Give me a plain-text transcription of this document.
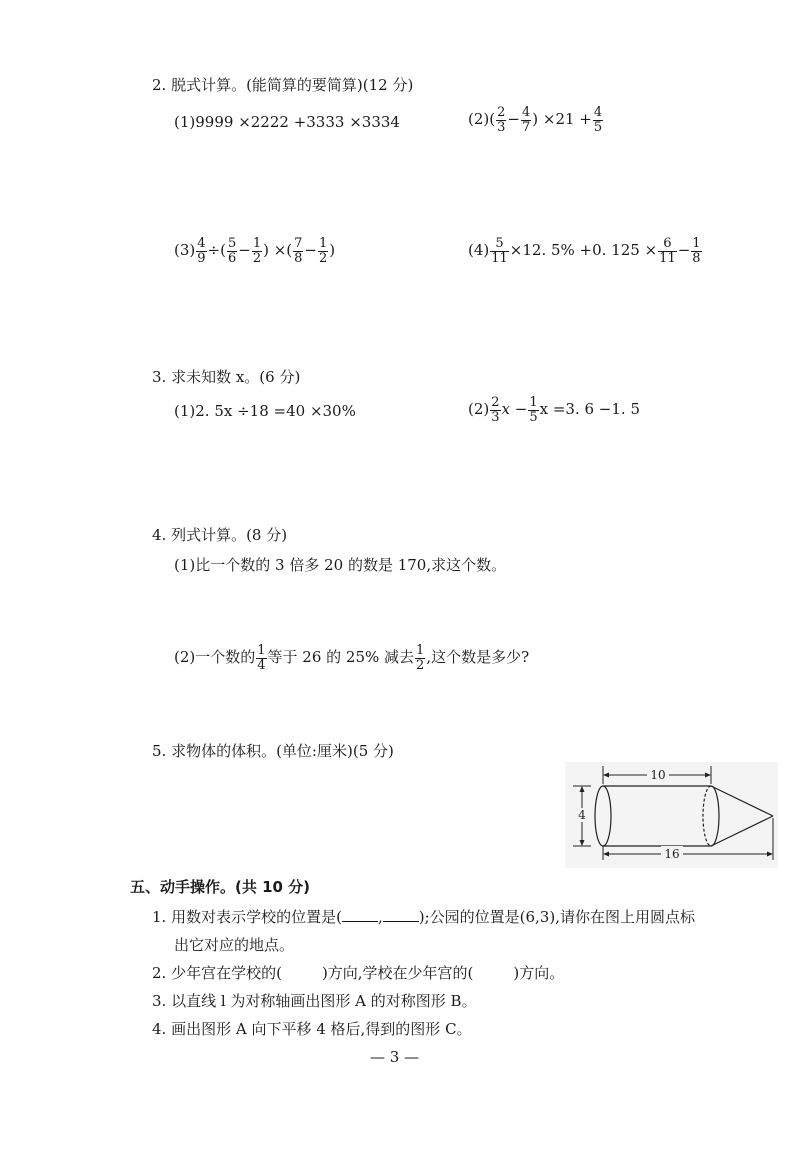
2. 脱式计算。(能简算的要简算)(12 分)
(1)9999 ×2222 +3333 ×3334	$(2)( \frac{2}{3} - \frac{4}{7}$ ) $\times 21 + \frac{4}{5}$
$(3) \frac{4}{9}$ ÷( $\frac{5}{6} - \frac{1}{2}$ ) ×( $\frac{7}{8} - \frac{1}{2}$ )	$(4) \frac{5}{11} \times 12$. 5% +0. $125 \times \frac{6}{11} - \frac{1}{8}$
3. 求未知数 x。(6 分)
(1)2. 5x ÷18 =40 ×30%	$(2) \frac{2}{3}$ $x - \frac{1}{5}$ x =3. 6 −1. 5
4. 列式计算。(8 分)
(1)比一个数的 3 倍多 20 的数是 170,求这个数。
(2)一个数的 $\frac{1}{4}$ 等于 26 的 25% 减去 $\frac{1}{2}$ ,这个数是多少?
5. 求物体的体积。(单位:厘米)(5 分)
10
4
16
五、动手操作。(共 10 分)
1. 用数对表示学校的位置是( , );公园的位置是(6,3),请你在图上用圆点标
出它对应的地点。
2. 少年宫在学校的(	)方向,学校在少年宫的(	)方向。
3. 以直线 l 为对称轴画出图形 A 的对称图形 B。
4. 画出图形 A 向下平移 4 格后,得到的图形 C。
— 3 —
